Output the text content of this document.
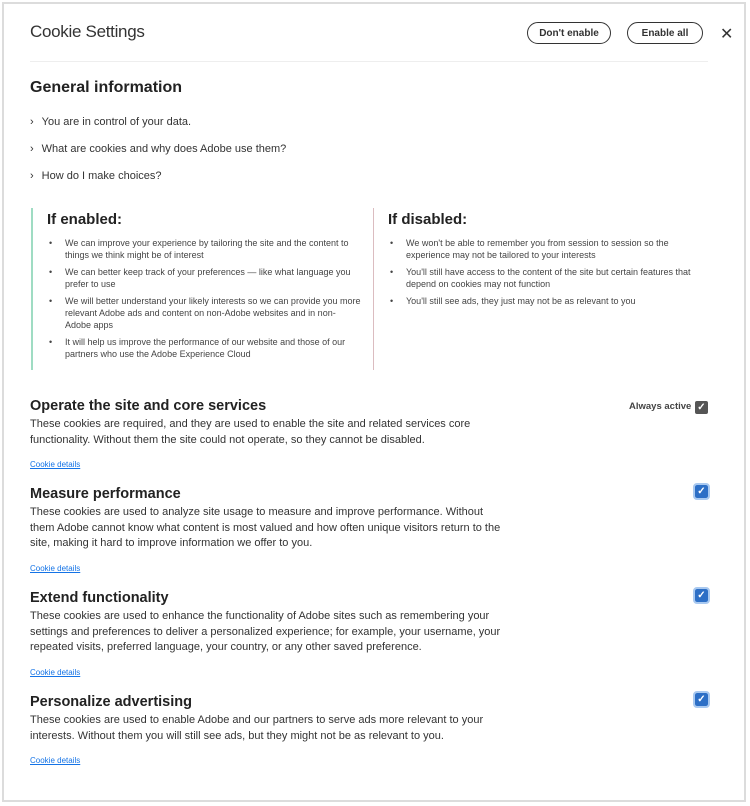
Cookie Settings	Don't enable	Enable all	✕
General information
› You are in control of your data.
› What are cookies and why does Adobe use them?
› How do I make choices?
If enabled:
• We can improve your experience by tailoring the site and the content to things we think might be of interest
• We can better keep track of your preferences — like what language you prefer to use
• We will better understand your likely interests so we can provide you more relevant Adobe ads and content on non-Adobe websites and in non-Adobe apps
• It will help us improve the performance of our website and those of our partners who use the Adobe Experience Cloud
If disabled:
• We won't be able to remember you from session to session so the experience may not be tailored to your interests
• You'll still have access to the content of the site but certain features that depend on cookies may not function
• You'll still see ads, they just may not be as relevant to you
Operate the site and core services

These cookies are required, and they are used to enable the site and related services core functionality. Without them the site could not operate, so they cannot be disabled.

Cookie details
Always active ✓
Measure performance

These cookies are used to analyze site usage to measure and improve performance. Without them Adobe cannot know what content is most valued and how often unique visitors return to the site, making it hard to improve information we offer to you.

Cookie details
✓
Extend functionality

These cookies are used to enhance the functionality of Adobe sites such as remembering your settings and preferences to deliver a personalized experience; for example, your username, your repeated visits, preferred language, your country, or any other saved preference.

Cookie details
✓
Personalize advertising

These cookies are used to enable Adobe and our partners to serve ads more relevant to your interests. Without them you will still see ads, but they might not be as relevant to you.

Cookie details
✓
